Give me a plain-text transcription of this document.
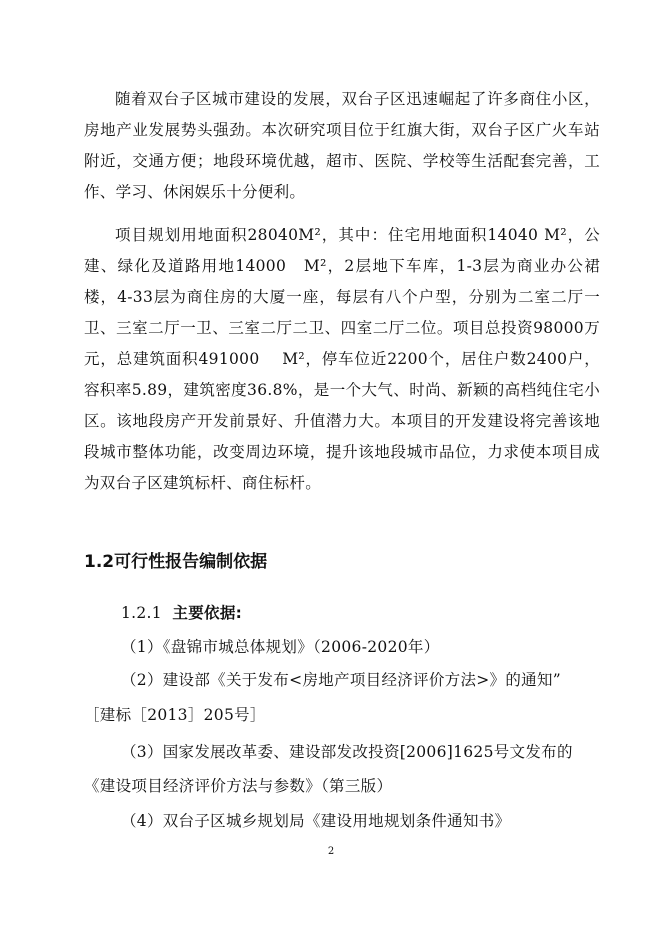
随着双台子区城市建设的发展，双台子区迅速崛起了许多商住小区，房地产业发展势头强劲。本次研究项目位于红旗大街，双台子区广火车站附近，交通方便；地段环境优越，超市、医院、学校等生活配套完善，工作、学习、休闲娱乐十分便利。

项目规划用地面积28040M²，其中：住宅用地面积14040 M²，公建、绿化及道路用地14000　M²，2层地下车库，1-3层为商业办公裙楼，4-33层为商住房的大厦一座，每层有八个户型，分别为二室二厅一卫、三室二厅一卫、三室二厅二卫、四室二厅二位。项目总投资98000万元，总建筑面积491000　 M²，停车位近2200个，居住户数2400户，容积率5.89，建筑密度36.8%，是一个大气、时尚、新颖的高档纯住宅小区。该地段房产开发前景好、升值潜力大。本项目的开发建设将完善该地段城市整体功能，改变周边环境，提升该地段城市品位，力求使本项目成为双台子区建筑标杆、商住标杆。

1.2可行性报告编制依据

1.2.1 主要依据:

（1）《盘锦市城总体规划》（2006-2020年）

（2）建设部《关于发布<房地产项目经济评价方法>》的通知”

［建标［2013］205号］

（3）国家发展改革委、建设部发改投资[2006]1625号文发布的

《建设项目经济评价方法与参数》（第三版）

（4）双台子区城乡规划局《建设用地规划条件通知书》

2
